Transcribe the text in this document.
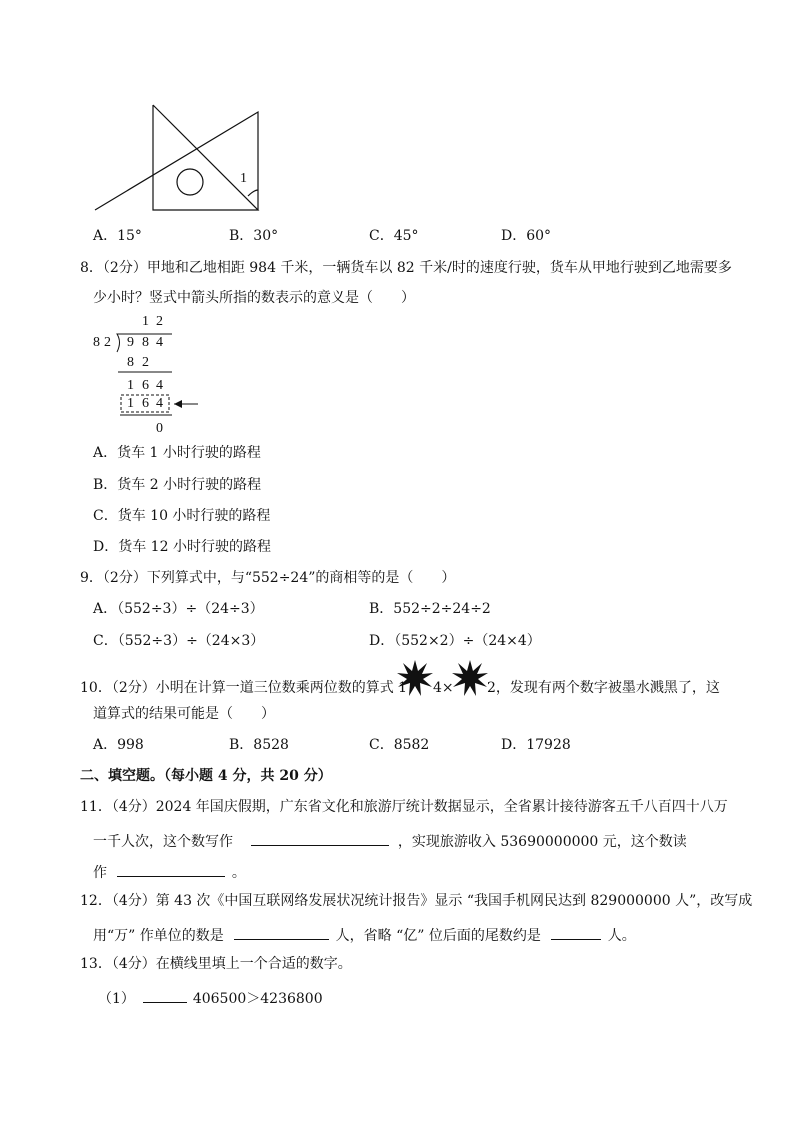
1
A．15°	B．30°	C．45°	D．60°
8．（2分）甲地和乙地相距 984 千米，一辆货车以 82 千米/时的速度行驶，货车从甲地行驶到乙地需要多
少小时？竖式中箭头所指的数表示的意义是（　　）
1 2
82 9 8 4
8 2
1 6 4
1 6 4
0
A．货车 1 小时行驶的路程
B．货车 2 小时行驶的路程
C．货车 10 小时行驶的路程
D．货车 12 小时行驶的路程
9．（2分）下列算式中，与“552÷24”的商相等的是（　　）
A．（552÷3）÷（24÷3）	B．552÷2÷24÷2
C．（552÷3）÷（24×3）	D．（552×2）÷（24×4）
10．（2分）小明在计算一道三位数乘两位数的算式 1 4× 2，发现有两个数字被墨水溅黑了，这
道算式的结果可能是（　　）
A．998	B．8528	C．8582	D．17928
二、填空题。（每小题 4 分，共 20 分）
11．（4分）2024 年国庆假期，广东省文化和旅游厅统计数据显示，全省累计接待游客五千八百四十八万
一千人次，这个数写作	，实现旅游收入 53690000000 元，这个数读
作	。
12．（4分）第 43 次《中国互联网络发展状况统计报告》显示 “我国手机网民达到 829000000 人”，改写成
用“万” 作单位的数是	人，省略 “亿” 位后面的尾数约是	人。
13．（4分）在横线里填上一个合适的数字。
（1）	406500＞4236800
